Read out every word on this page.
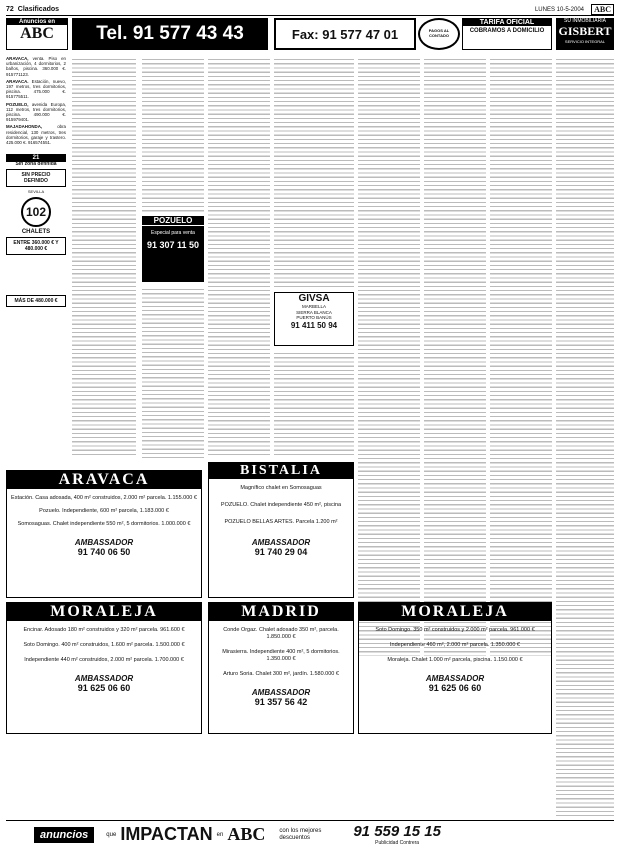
72 Clasificados	LUNES 10-5-2004	ABC
Anuncios en
ABC	Tel. 91 577 43 43	Fax: 91 577 47 01	PAGOS AL CONTADO
TARIFA OFICIAL
COBRAMOS A DOMICILIO
SU INMOBILIARIA
GISBERT
SERVICIO INTEGRAL

ARAVACA, venta. Piso en urbanización, 4 dormitorios, 2 baños, piscina. 360.000 €. 915771123.

ARAVACA. Estación, nuevo, 197 metros, tres dormitorios, piscina. 475.000 €. 915775511.

POZUELO, avenida Europa, 112 metros, tres dormitorios, piscina. 490.000 €. 915979401.

MAJADAHONDA,	obra residencial, 130 metros, tres dormitorios, garaje y trastero. 425.000 €. 916574551.

21
Sin zona definida
SIN PRECIO DEFINIDO
SEVILLA
102
CHALETS
ENTRE 360.000 € Y 480.000 €
MÁS DE 480.000 €
POZUELO
Especial para venta
91 307 11 50
GIVSA
MARBELLA
SIERRA BLANCA
PUERTO BANÚS
91 411 50 94
ARAVACA
Estación. Casa adosada, 400 m² construidos, 2.000 m² parcela. 1.155.000 €
Pozuelo. Independiente, 600 m² parcela, 1.183.000 €
Somosaguas. Chalet independiente 550 m², 5 dormitorios. 1.000.000 €
AMBASSADOR
91 740 06 50
BISTALIA
Magnífico chalet en Somosaguas
POZUELO. Chalet independiente 450 m², piscina
POZUELO BELLAS ARTES. Parcela 1.200 m²
AMBASSADOR
91 740 29 04
MORALEJA
Encinar. Adosado 180 m² construidos y 320 m² parcela. 961.600 €
Soto Domingo. 400 m² construidos, 1.600 m² parcela. 1.500.000 €
Independiente 440 m² construidos, 2.000 m² parcela. 1.700.000 €
AMBASSADOR
91 625 06 60
MADRID
Conde Orgaz. Chalet adosado 350 m², parcela. 1.850.000 €
Mirasierra. Independiente 400 m², 5 dormitorios. 1.350.000 €
Arturo Soria. Chalet 300 m², jardín. 1.580.000 €
AMBASSADOR
91 357 56 42
MORALEJA
Soto Domingo. 350 m² construidos y 2.000 m² parcela. 961.000 €
Independiente 460 m², 2.000 m² parcela. 1.350.000 €
Moraleja. Chalet 1.000 m² parcela, piscina. 1.150.000 €
AMBASSADOR
91 625 06 60
anuncios	que IMPACTAN en ABC con los mejores descuentos	91 559 15 15
Publicidad Contrera
